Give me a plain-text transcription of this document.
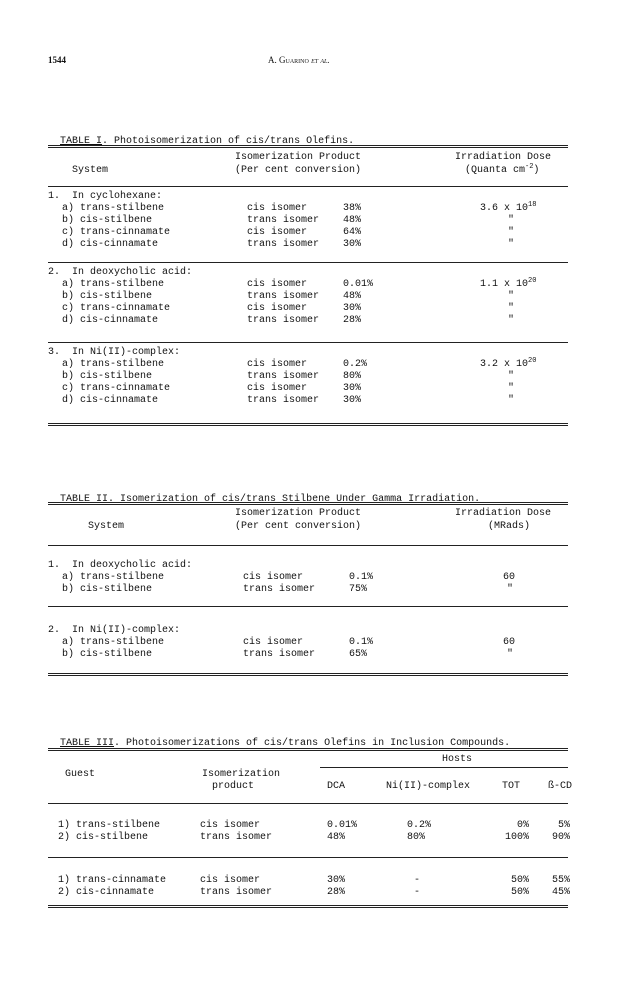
1544	A. Guarino et al.

TABLE I. Photoisomerization of cis/trans Olefins.

Isomerization Product

	Irradiation Dose

System

	(Per cent conversion)

	(Quanta $cm^{-2}$)

1.  In cyclohexane:
a) trans-stilbene	cis isomer	38%	3.6 x $10^{18}$
b) cis-stilbene	trans isomer 48%	"
c) trans-cinnamate	cis isomer	64%	"
d) cis-cinnamate	trans isomer 30%	"
2.  In deoxycholic acid:
a) trans-stilbene	cis isomer	0.01%	1.1 x $10^{20}$
b) cis-stilbene	trans isomer 48%	"
c) trans-cinnamate	cis isomer	30%	"
d) cis-cinnamate	trans isomer 28%	"
3.  In Ni(II)-complex:
a) trans-stilbene	cis isomer	0.2%	3.2 x $10^{20}$
b) cis-stilbene	trans isomer 80%	"
c) trans-cinnamate	cis isomer	30%	"
d) cis-cinnamate	trans isomer 30%	"

TABLE II. Isomerization of cis/trans Stilbene Under Gamma Irradiation.

Isomerization Product

	Irradiation Dose

System

	(Per cent conversion)

	(MRads)

1.  In deoxycholic acid:
a) trans-stilbene	cis isomer	0.1%	60
b) cis-stilbene	trans isomer	75%	"
2.  In Ni(II)-complex:
a) trans-stilbene	cis isomer	0.1%	60
b) cis-stilbene	trans isomer	65%	"

TABLE III. Photoisomerizations of cis/trans Olefins in Inclusion Compounds.

Hosts

Guest

	Isomerization

product

	DCA

	Ni(II)-complex

	TOT

	ß-CD

1) trans-stilbene	cis isomer	0.01%	0.2%	0%	5%
2) cis-stilbene	trans isomer	48%	80%	100% 90%
1) trans-cinnamate	cis isomer	30%	-	50% 55%
2) cis-cinnamate	trans isomer	28%	-	50% 45%
